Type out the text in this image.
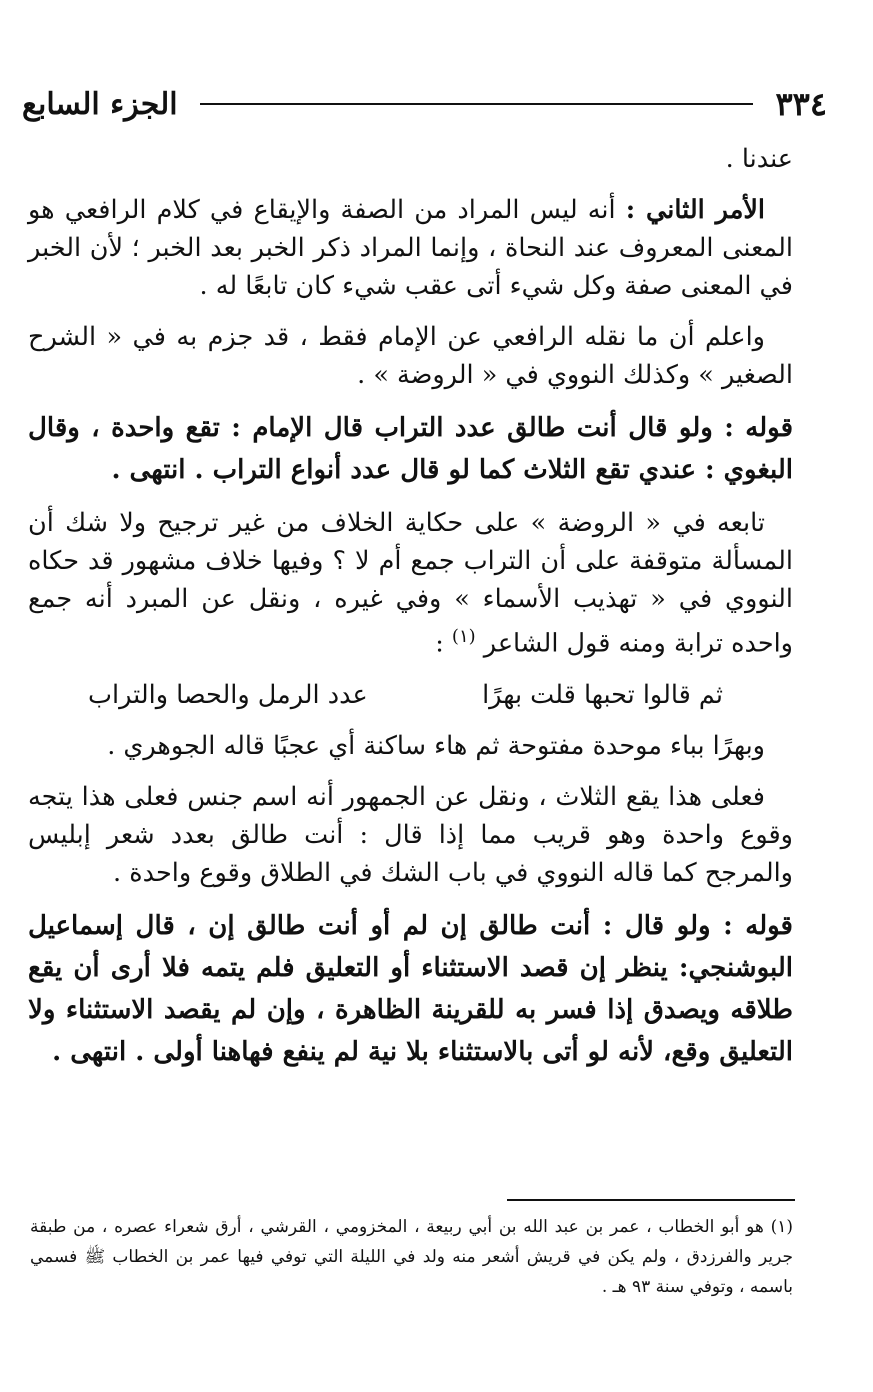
٣٣٤
الجزء السابع

عندنا .

الأمر الثاني : أنه ليس المراد من الصفة والإيقاع في كلام الرافعي هو المعنى المعروف عند النحاة ، وإنما المراد ذكر الخبر بعد الخبر ؛ لأن الخبر في المعنى صفة وكل شيء أتى عقب شيء كان تابعًا له .

واعلم أن ما نقله الرافعي عن الإمام فقط ، قد جزم به في « الشرح الصغير » وكذلك النووي في « الروضة » .

قوله : ولو قال أنت طالق عدد التراب قال الإمام : تقع واحدة ، وقال البغوي : عندي تقع الثلاث كما لو قال عدد أنواع التراب . انتهى .

تابعه في « الروضة » على حكاية الخلاف من غير ترجيح ولا شك أن المسألة متوقفة على أن التراب جمع أم لا ؟ وفيها خلاف مشهور قد حكاه النووي في « تهذيب الأسماء » وفي غيره ، ونقل عن المبرد أنه جمع واحده ترابة ومنه قول الشاعر $^{(١)}$ :

ثم قالوا تحبها قلت بهرًا
عدد الرمل والحصا والتراب

وبهرًا بباء موحدة مفتوحة ثم هاء ساكنة أي عجبًا قاله الجوهري .

فعلى هذا يقع الثلاث ، ونقل عن الجمهور أنه اسم جنس فعلى هذا يتجه وقوع واحدة وهو قريب مما إذا قال : أنت طالق بعدد شعر إبليس والمرجح كما قاله النووي في باب الشك في الطلاق وقوع واحدة .

قوله : ولو قال : أنت طالق إن لم أو أنت طالق إن ، قال إسماعيل البوشنجي: ينظر إن قصد الاستثناء أو التعليق فلم يتمه فلا أرى أن يقع طلاقه ويصدق إذا فسر به للقرينة الظاهرة ، وإن لم يقصد الاستثناء ولا التعليق وقع، لأنه لو أتى بالاستثناء بلا نية لم ينفع فهاهنا أولى . انتهى .

(١) هو أبو الخطاب ، عمر بن عبد الله بن أبي ربيعة ، المخزومي ، القرشي ، أرق شعراء عصره ، من طبقة جرير والفرزدق ، ولم يكن في قريش أشعر منه ولد في الليلة التي توفي فيها عمر بن الخطاب ﷺ فسمي باسمه ، وتوفي سنة ٩٣ هـ .
